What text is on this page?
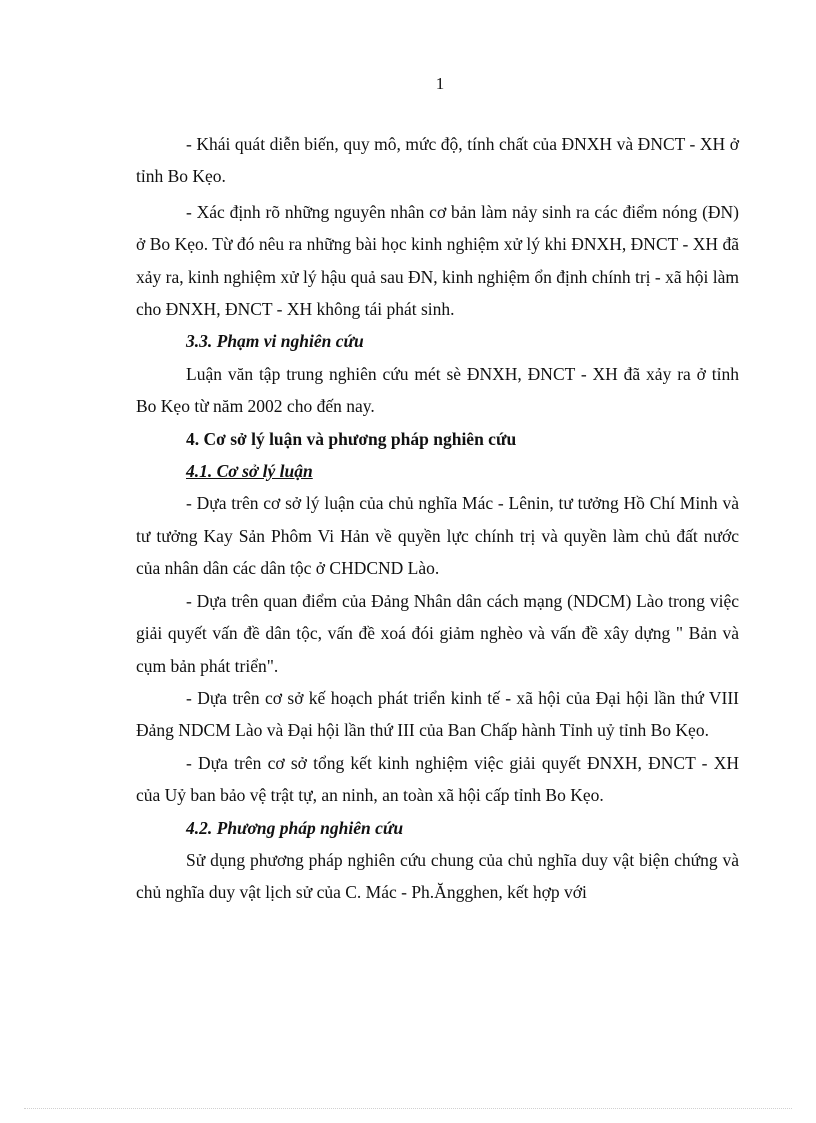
1

- Khái quát diễn biến, quy mô, mức độ, tính chất của ĐNXH và ĐNCT - XH ở tỉnh Bo Kẹo.

- Xác định rõ những nguyên nhân cơ bản làm nảy sinh ra các điểm nóng (ĐN) ở Bo Kẹo. Từ đó nêu ra những bài học kinh nghiệm xử lý khi ĐNXH, ĐNCT - XH đã xảy ra, kinh nghiệm xử lý hậu quả sau ĐN, kinh nghiệm ổn định chính trị - xã hội làm cho ĐNXH, ĐNCT - XH không tái phát sinh.

3.3. Phạm vi nghiên cứu

Luận văn tập trung nghiên cứu mét sè ĐNXH, ĐNCT - XH đã xảy ra ở tỉnh Bo Kẹo từ năm 2002 cho đến nay.

4. Cơ sở lý luận và phương pháp nghiên cứu

4.1. Cơ sở lý luận

- Dựa trên cơ sở lý luận của chủ nghĩa Mác - Lênin, tư tưởng Hồ Chí Minh và tư tưởng Kay Sản Phôm Vi Hản về quyền lực chính trị và quyền làm chủ đất nước của nhân dân các dân tộc ở CHDCND Lào.

- Dựa trên quan điểm của Đảng Nhân dân cách mạng (NDCM) Lào trong việc giải quyết vấn đề dân tộc, vấn đề xoá đói giảm nghèo và vấn đề xây dựng " Bản và cụm bản phát triển".

- Dựa trên cơ sở kế hoạch phát triển kinh tế - xã hội của Đại hội lần thứ VIII Đảng NDCM Lào và Đại hội lần thứ III của Ban Chấp hành Tỉnh uỷ tỉnh Bo Kẹo.

- Dựa trên cơ sở tổng kết kinh nghiệm việc giải quyết ĐNXH, ĐNCT - XH của Uỷ ban bảo vệ trật tự, an ninh, an toàn xã hội cấp tỉnh Bo Kẹo.

4.2. Phương pháp nghiên cứu

Sử dụng phương pháp nghiên cứu chung của chủ nghĩa duy vật biện chứng và chủ nghĩa duy vật lịch sử của C. Mác - Ph.Ăngghen, kết hợp với
